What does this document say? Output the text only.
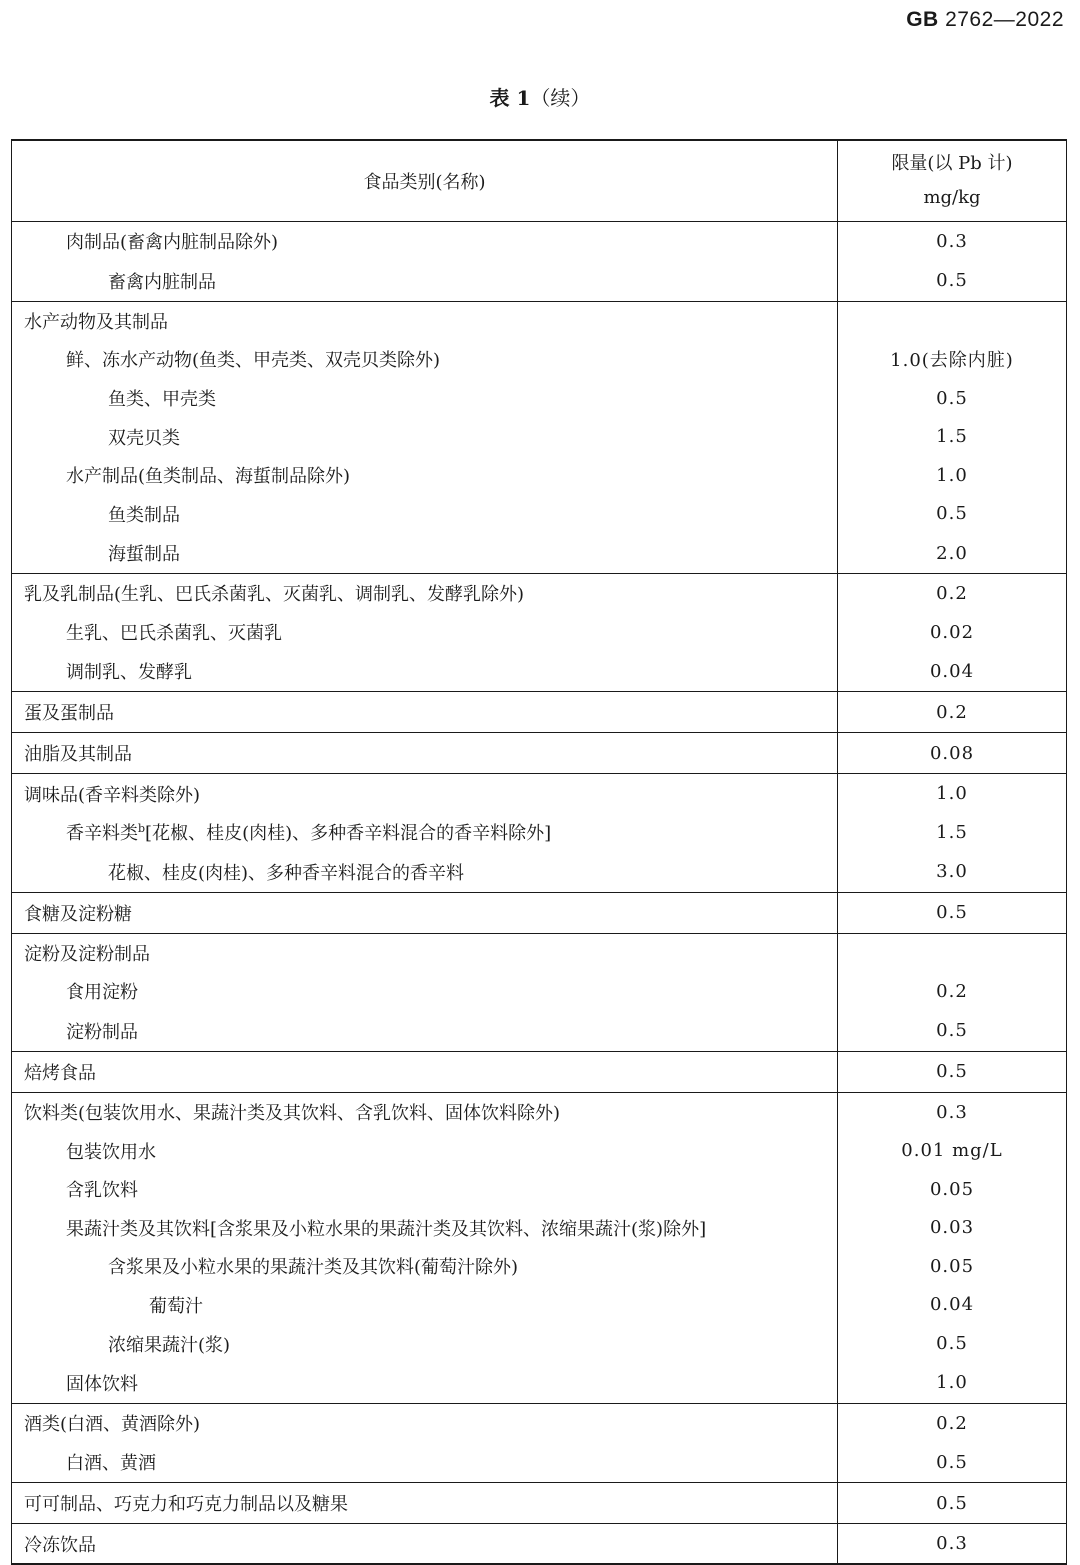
GB 2762—2022
表 1（续）
食品类别(名称)	限量(以 Pb 计)
mg/kg

肉制品(畜禽内脏制品除外)	0.3
畜禽内脏制品	0.5
水产动物及其制品	
鲜、冻水产动物(鱼类、甲壳类、双壳贝类除外)	1.0(去除内脏)
鱼类、甲壳类	0.5
双壳贝类	1.5
水产制品(鱼类制品、海蜇制品除外)	1.0
鱼类制品	0.5
海蜇制品	2.0
乳及乳制品(生乳、巴氏杀菌乳、灭菌乳、调制乳、发酵乳除外)	0.2
生乳、巴氏杀菌乳、灭菌乳	0.02
调制乳、发酵乳	0.04
蛋及蛋制品	0.2
油脂及其制品	0.08
调味品(香辛料类除外)	1.0
香辛料类$^b$[花椒、桂皮(肉桂)、多种香辛料混合的香辛料除外]	1.5
花椒、桂皮(肉桂)、多种香辛料混合的香辛料	3.0
食糖及淀粉糖	0.5
淀粉及淀粉制品	
食用淀粉	0.2
淀粉制品	0.5
焙烤食品	0.5
饮料类(包装饮用水、果蔬汁类及其饮料、含乳饮料、固体饮料除外)	0.3
包装饮用水	0.01 mg/L
含乳饮料	0.05
果蔬汁类及其饮料[含浆果及小粒水果的果蔬汁类及其饮料、浓缩果蔬汁(浆)除外]	0.03
含浆果及小粒水果的果蔬汁类及其饮料(葡萄汁除外)	0.05
葡萄汁	0.04
浓缩果蔬汁(浆)	0.5
固体饮料	1.0
酒类(白酒、黄酒除外)	0.2
白酒、黄酒	0.5
可可制品、巧克力和巧克力制品以及糖果	0.5
冷冻饮品	0.3
